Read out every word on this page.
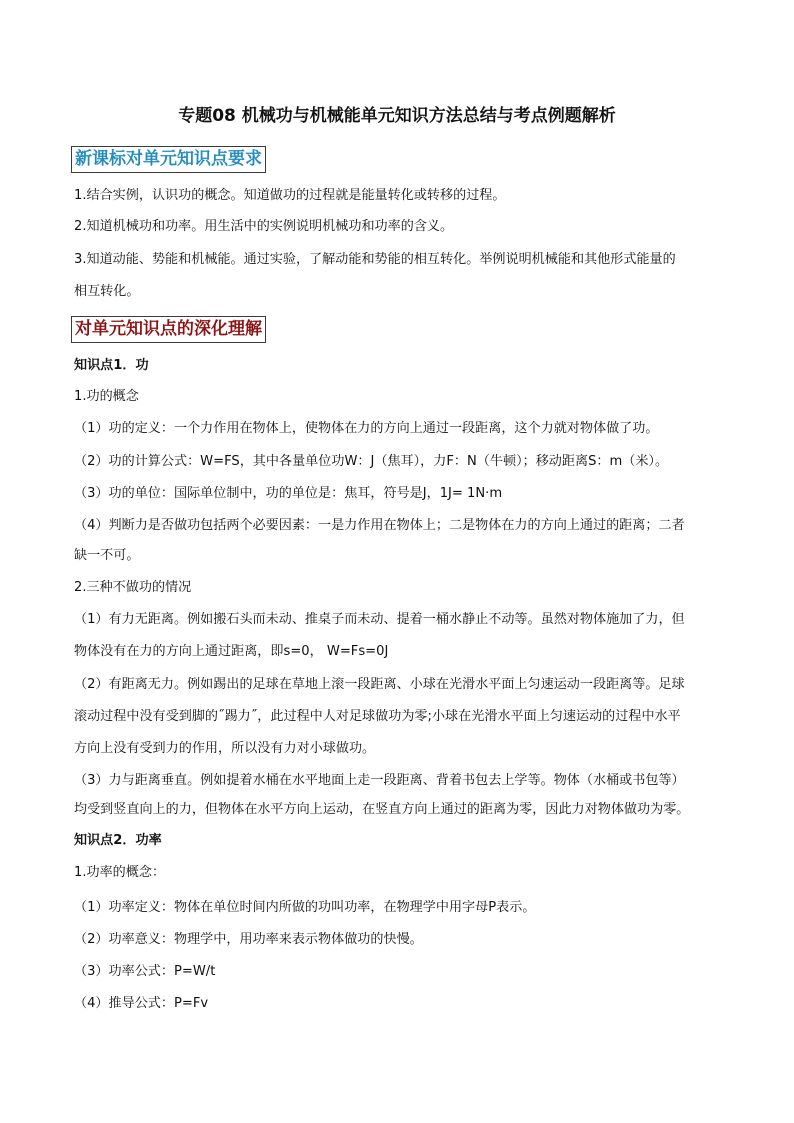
专题08 机械功与机械能单元知识方法总结与考点例题解析
新课标对单元知识点要求
1.结合实例，认识功的概念。知道做功的过程就是能量转化或转移的过程。
2.知道机械功和功率。用生活中的实例说明机械功和功率的含义。
3.知道动能、势能和机械能。通过实验，了解动能和势能的相互转化。举例说明机械能和其他形式能量的
相互转化。
对单元知识点的深化理解
知识点1．功
1.功的概念
（1）功的定义：一个力作用在物体上，使物体在力的方向上通过一段距离，这个力就对物体做了功。
（2）功的计算公式：W=FS，其中各量单位功W：J（焦耳），力F：N（牛顿）；移动距离S：m（米）。
（3）功的单位：国际单位制中，功的单位是：焦耳，符号是J，1J= 1N·m
（4）判断力是否做功包括两个必要因素：一是力作用在物体上；二是物体在力的方向上通过的距离；二者
缺一不可。
2.三种不做功的情况
（1）有力无距离。例如搬石头而未动、推桌子而未动、提着一桶水静止不动等。虽然对物体施加了力，但
物体没有在力的方向上通过距离，即s=0， W=Fs=0J
（2）有距离无力。例如踢出的足球在草地上滚一段距离、小球在光滑水平面上匀速运动一段距离等。足球
滚动过程中没有受到脚的˝踢力˝，此过程中人对足球做功为零;小球在光滑水平面上匀速运动的过程中水平
方向上没有受到力的作用，所以没有力对小球做功。
（3）力与距离垂直。例如提着水桶在水平地面上走一段距离、背着书包去上学等。物体（水桶或书包等）
均受到竖直向上的力，但物体在水平方向上运动，在竖直方向上通过的距离为零，因此力对物体做功为零。
知识点2．功率
1.功率的概念：
（1）功率定义：物体在单位时间内所做的功叫功率，在物理学中用字母P表示。
（2）功率意义：物理学中，用功率来表示物体做功的快慢。
（3）功率公式：P=W/t
（4）推导公式：P=Fv
